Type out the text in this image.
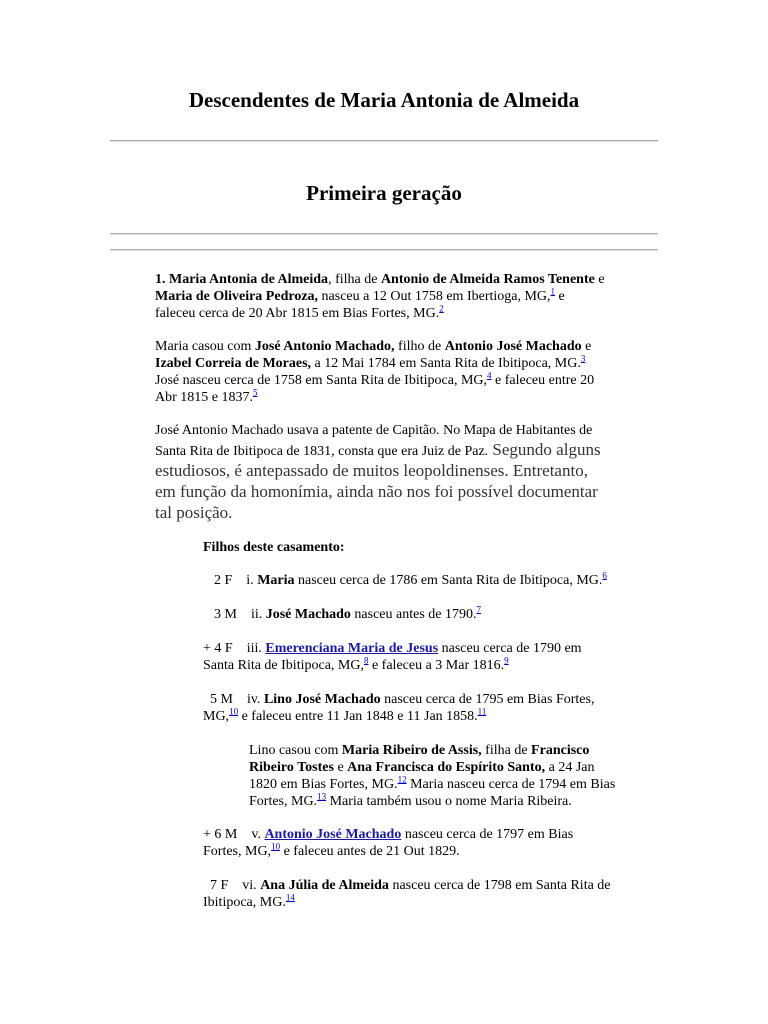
Descendentes de Maria Antonia de Almeida
Primeira geração
1. Maria Antonia de Almeida, filha de Antonio de Almeida Ramos Tenente e
Maria de Oliveira Pedroza, nasceu a 12 Out 1758 em Ibertioga, MG,$^1$ e
faleceu cerca de 20 Abr 1815 em Bias Fortes, MG.$^2$
Maria casou com José Antonio Machado, filho de Antonio José Machado e
Izabel Correia de Moraes, a 12 Mai 1784 em Santa Rita de Ibitipoca, MG.$^3$
José nasceu cerca de 1758 em Santa Rita de Ibitipoca, MG,$^4$ e faleceu entre 20
Abr 1815 e 1837.$^5$
José Antonio Machado usava a patente de Capitão. No Mapa de Habitantes de
Santa Rita de Ibitipoca de 1831, consta que era Juiz de Paz. Segundo alguns
estudiosos, é antepassado de muitos leopoldinenses. Entretanto,
em função da homonímia, ainda não nos foi possível documentar
tal posição.
Filhos deste casamento:
2 F i. Maria nasceu cerca de 1786 em Santa Rita de Ibitipoca, MG.$^6$
3 M ii. José Machado nasceu antes de 1790.$^7$
+ 4 F iii. Emerenciana Maria de Jesus nasceu cerca de 1790 em
Santa Rita de Ibitipoca, MG,$^8$ e faleceu a 3 Mar 1816.$^9$
5 M iv. Lino José Machado nasceu cerca de 1795 em Bias Fortes,
MG,$^{10}$ e faleceu entre 11 Jan 1848 e 11 Jan 1858.11
Lino casou com Maria Ribeiro de Assis, filha de Francisco
Ribeiro Tostes e Ana Francisca do Espírito Santo, a 24 Jan
1820 em Bias Fortes, MG.$^{12}$ Maria nasceu cerca de 1794 em Bias
Fortes, MG.$^{13}$ Maria também usou o nome Maria Ribeira.
+ 6 M v. Antonio José Machado nasceu cerca de 1797 em Bias
Fortes, MG,$^{10}$ e faleceu antes de 21 Out 1829.
7 F vi. Ana Júlia de Almeida nasceu cerca de 1798 em Santa Rita de
Ibitipoca, MG.$^{14}$
